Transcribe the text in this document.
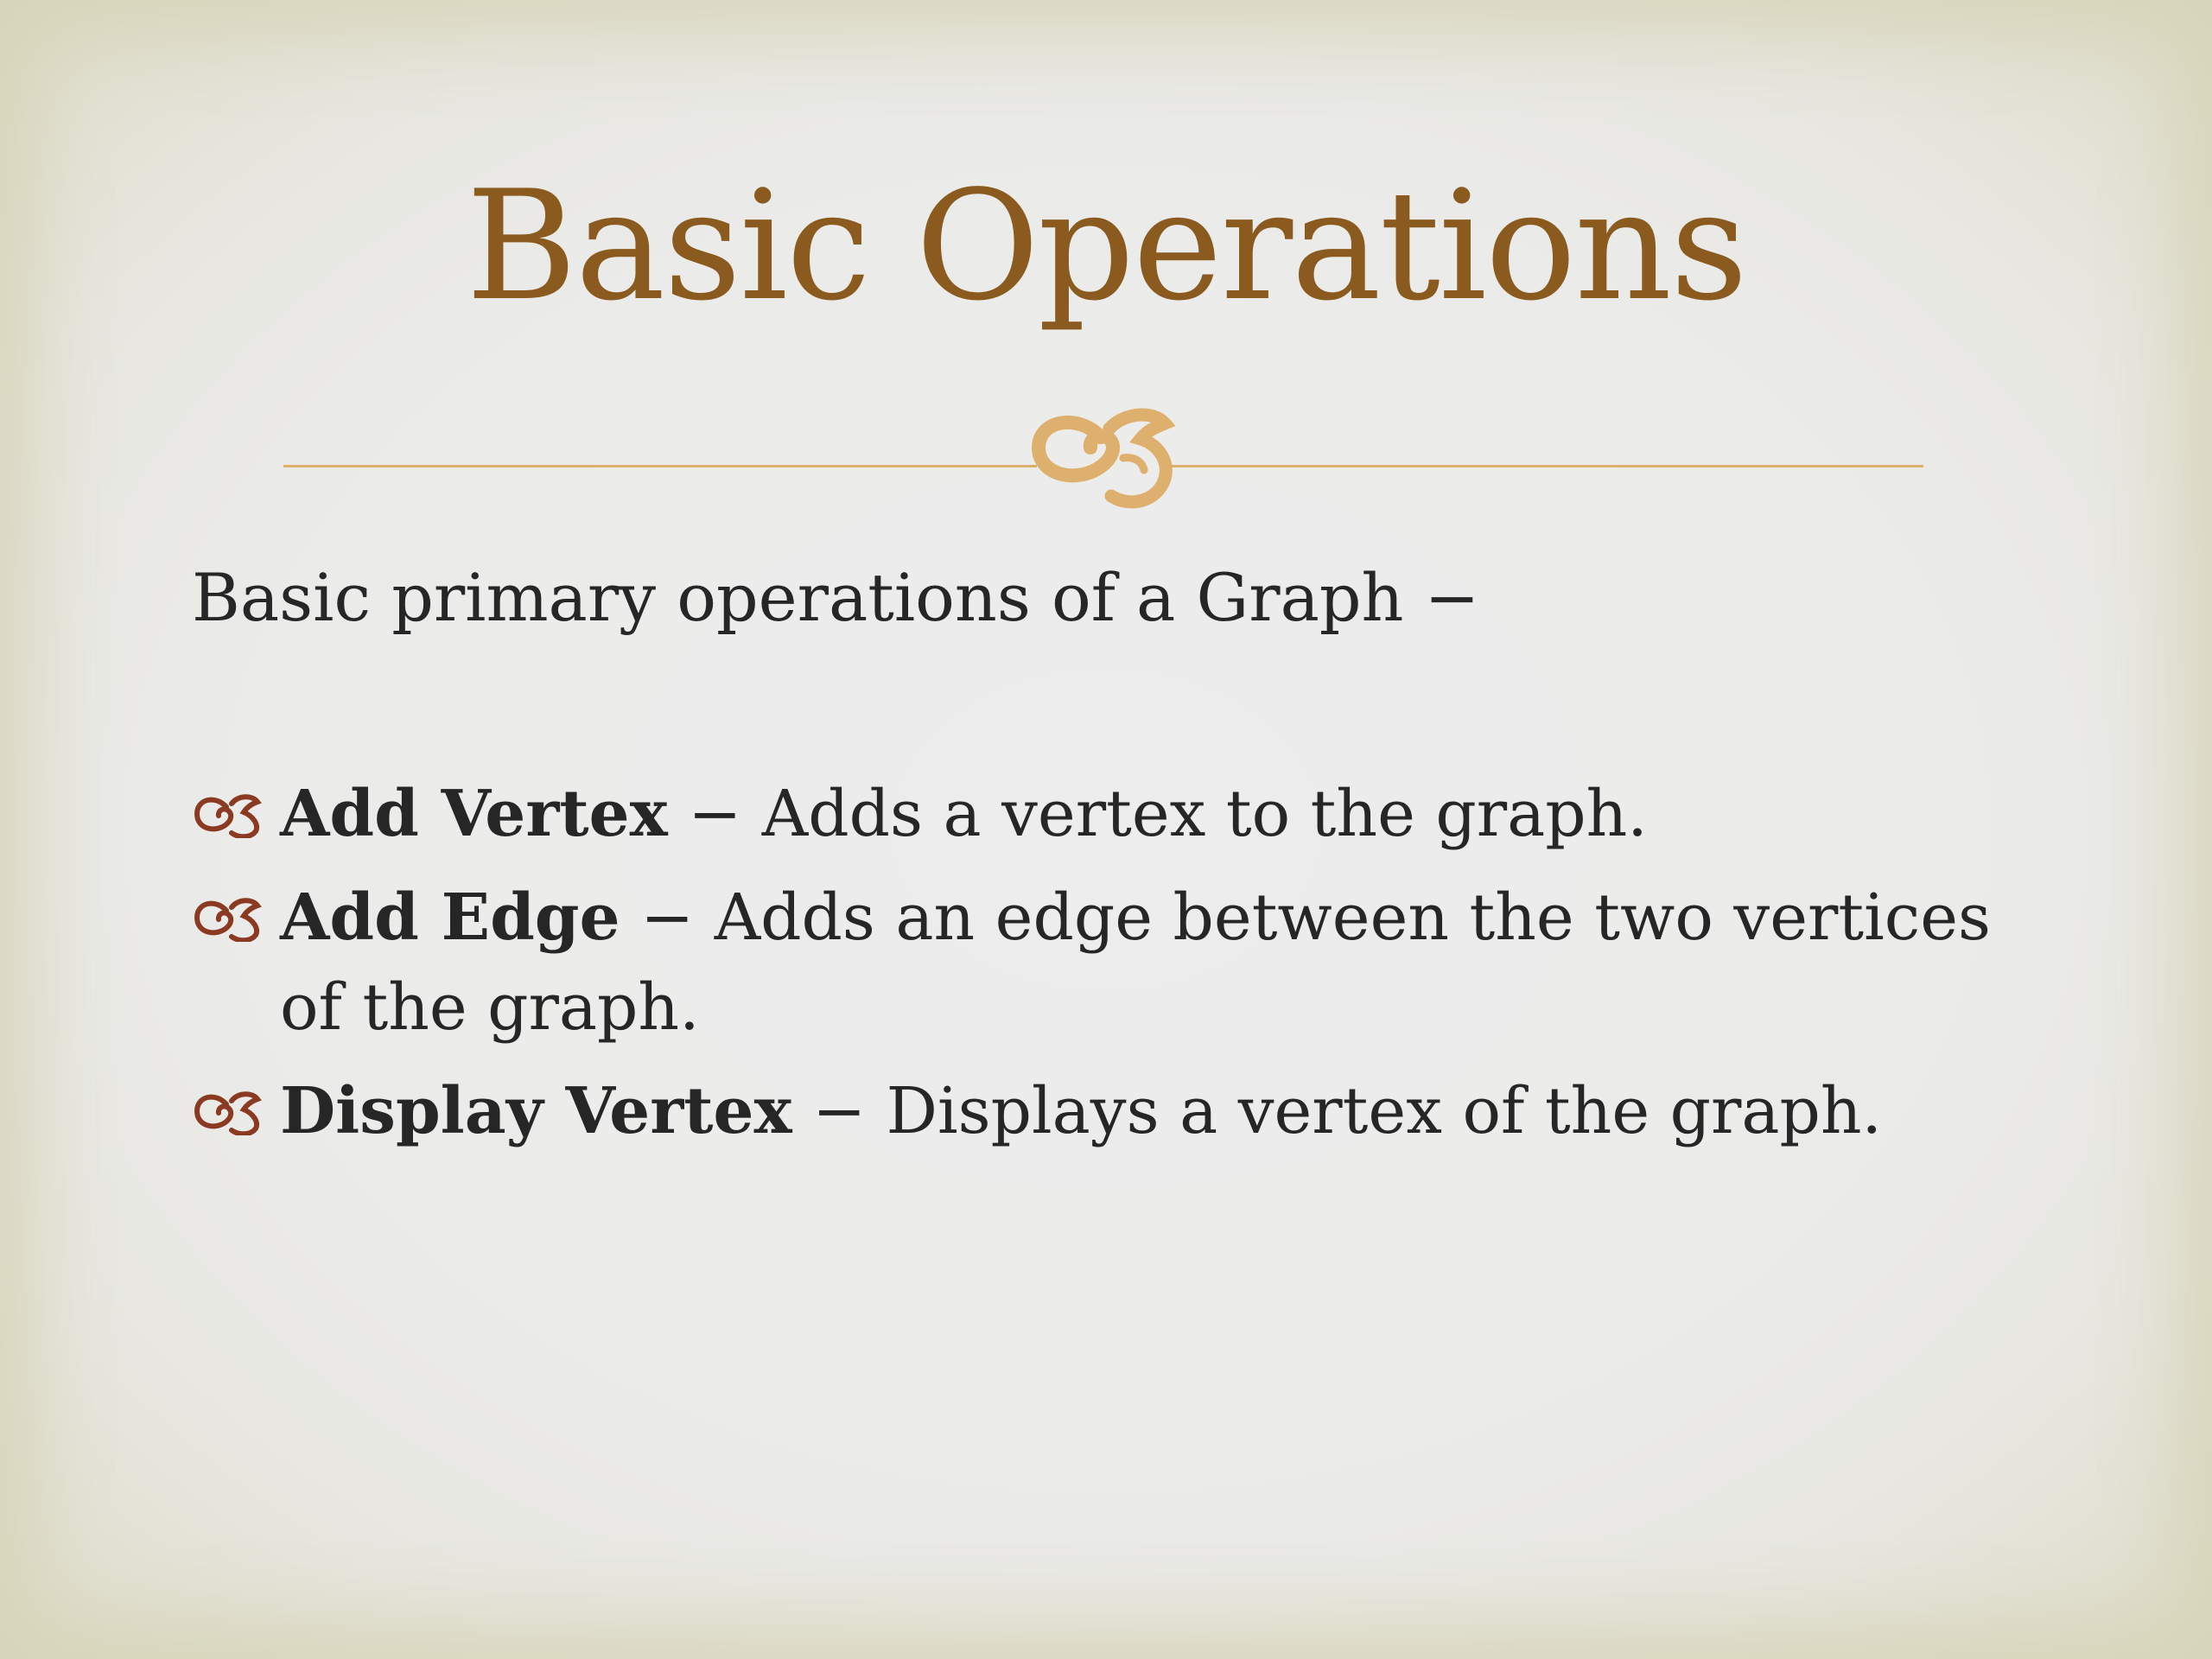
Basic Operations
Basic primary operations of a Graph −
Add Vertex − Adds a vertex to the graph.
Add Edge − Adds an edge between the two vertices of the graph.
Display Vertex − Displays a vertex of the graph.
